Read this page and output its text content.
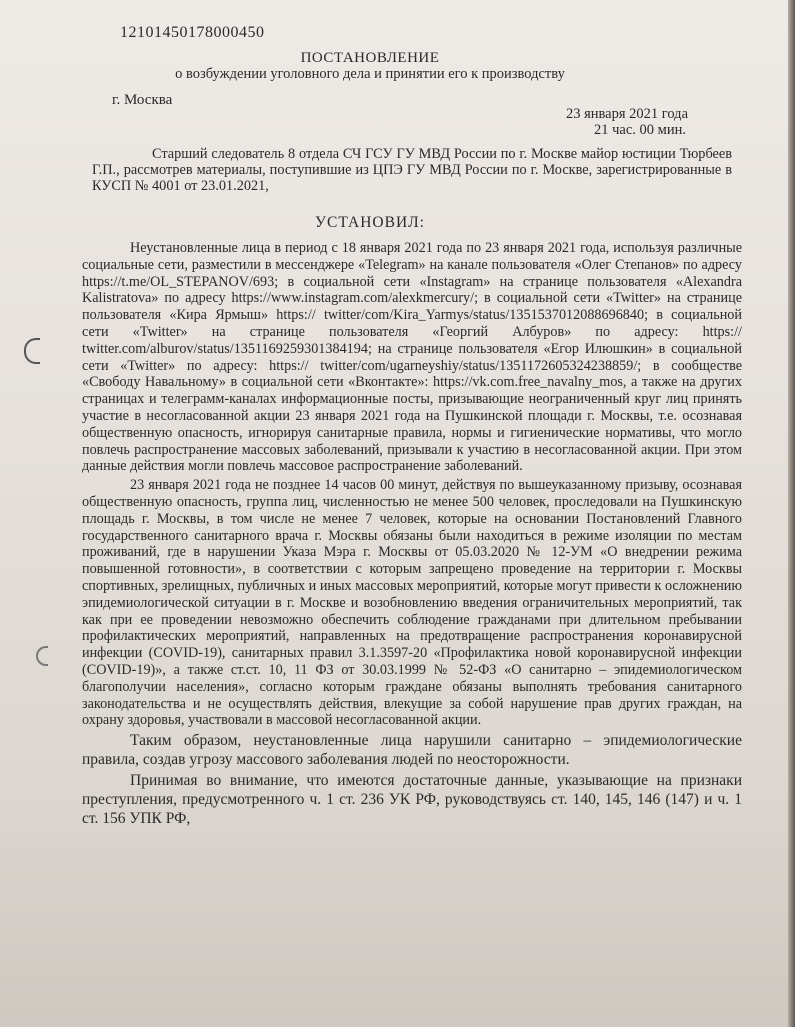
12101450178000450
ПОСТАНОВЛЕНИЕ
о возбуждении уголовного дела и принятии его к производству
г. Москва
23 января 2021 года
21 час. 00 мин.
Старший следователь 8 отдела СЧ ГСУ ГУ МВД России по г. Москве майор юстиции Тюрбеев Г.П., рассмотрев материалы, поступившие из ЦПЭ ГУ МВД России по г. Москве, зарегистрированные в КУСП № 4001 от 23.01.2021,
УСТАНОВИЛ:

Неустановленные лица в период с 18 января 2021 года по 23 января 2021 года, используя различные социальные сети, разместили в мессенджере «Telegram» на канале пользователя «Олег Степанов» по адресу https://t.me/OL_STEPANOV/693; в социальной сети «Instagram» на странице пользователя «Alexandra Kalistratova» по адресу https://www.instagram.com/alexkmercury/; в социальной сети «Twitter» на странице пользователя «Кира Ярмыш» https:// twitter/com/Kira_Yarmys/status/1351537012088696840; в социальной сети «Twitter» на странице пользователя «Георгий Албуров» по адресу: https:// twitter.com/alburov/status/1351169259301384194; на странице пользователя «Егор Илюшкин» в социальной сети «Twitter» по адресу: https:// twitter/com/ugarneyshiy/status/1351172605324238859/; в сообществе «Свободу Навальному» в социальной сети «Вконтакте»: https://vk.com.free_navalny_mos, а также на других страницах и телеграмм-каналах информационные посты, призывающие неограниченный круг лиц принять участие в несогласованной акции 23 января 2021 года на Пушкинской площади г. Москвы, т.е. осознавая общественную опасность, игнорируя санитарные правила, нормы и гигиенические нормативы, что могло повлечь распространение массовых заболеваний, призывали к участию в несогласованной акции. При этом данные действия могли повлечь массовое распространение заболеваний.

23 января 2021 года не позднее 14 часов 00 минут, действуя по вышеуказанному призыву, осознавая общественную опасность, группа лиц, численностью не менее 500 человек, проследовали на Пушкинскую площадь г. Москвы, в том числе не менее 7 человек, которые на основании Постановлений Главного государственного санитарного врача г. Москвы обязаны были находиться в режиме изоляции по местам проживаний, где в нарушении Указа Мэра г. Москвы от 05.03.2020 № 12-УМ «О внедрении режима повышенной готовности», в соответствии с которым запрещено проведение на территории г. Москвы спортивных, зрелищных, публичных и иных массовых мероприятий, которые могут привести к осложнению эпидемиологической ситуации в г. Москве и возобновлению введения ограничительных мероприятий, так как при ее проведении невозможно обеспечить соблюдение гражданами при длительном пребывании профилактических мероприятий, направленных на предотвращение распространения коронавирусной инфекции (COVID-19), санитарных правил 3.1.3597-20 «Профилактика новой коронавирусной инфекции (COVID-19)», а также ст.ст. 10, 11 ФЗ от 30.03.1999 № 52-ФЗ «О санитарно – эпидемиологическом благополучии населения», согласно которым граждане обязаны выполнять требования санитарного законодательства и не осуществлять действия, влекущие за собой нарушение прав других граждан, на охрану здоровья, участвовали в массовой несогласованной акции.

Таким образом, неустановленные лица нарушили санитарно – эпидемиологические правила, создав угрозу массового заболевания людей по неосторожности.

Принимая во внимание, что имеются достаточные данные, указывающие на признаки преступления, предусмотренного ч. 1 ст. 236 УК РФ, руководствуясь ст. 140, 145, 146 (147) и ч. 1 ст. 156 УПК РФ,
